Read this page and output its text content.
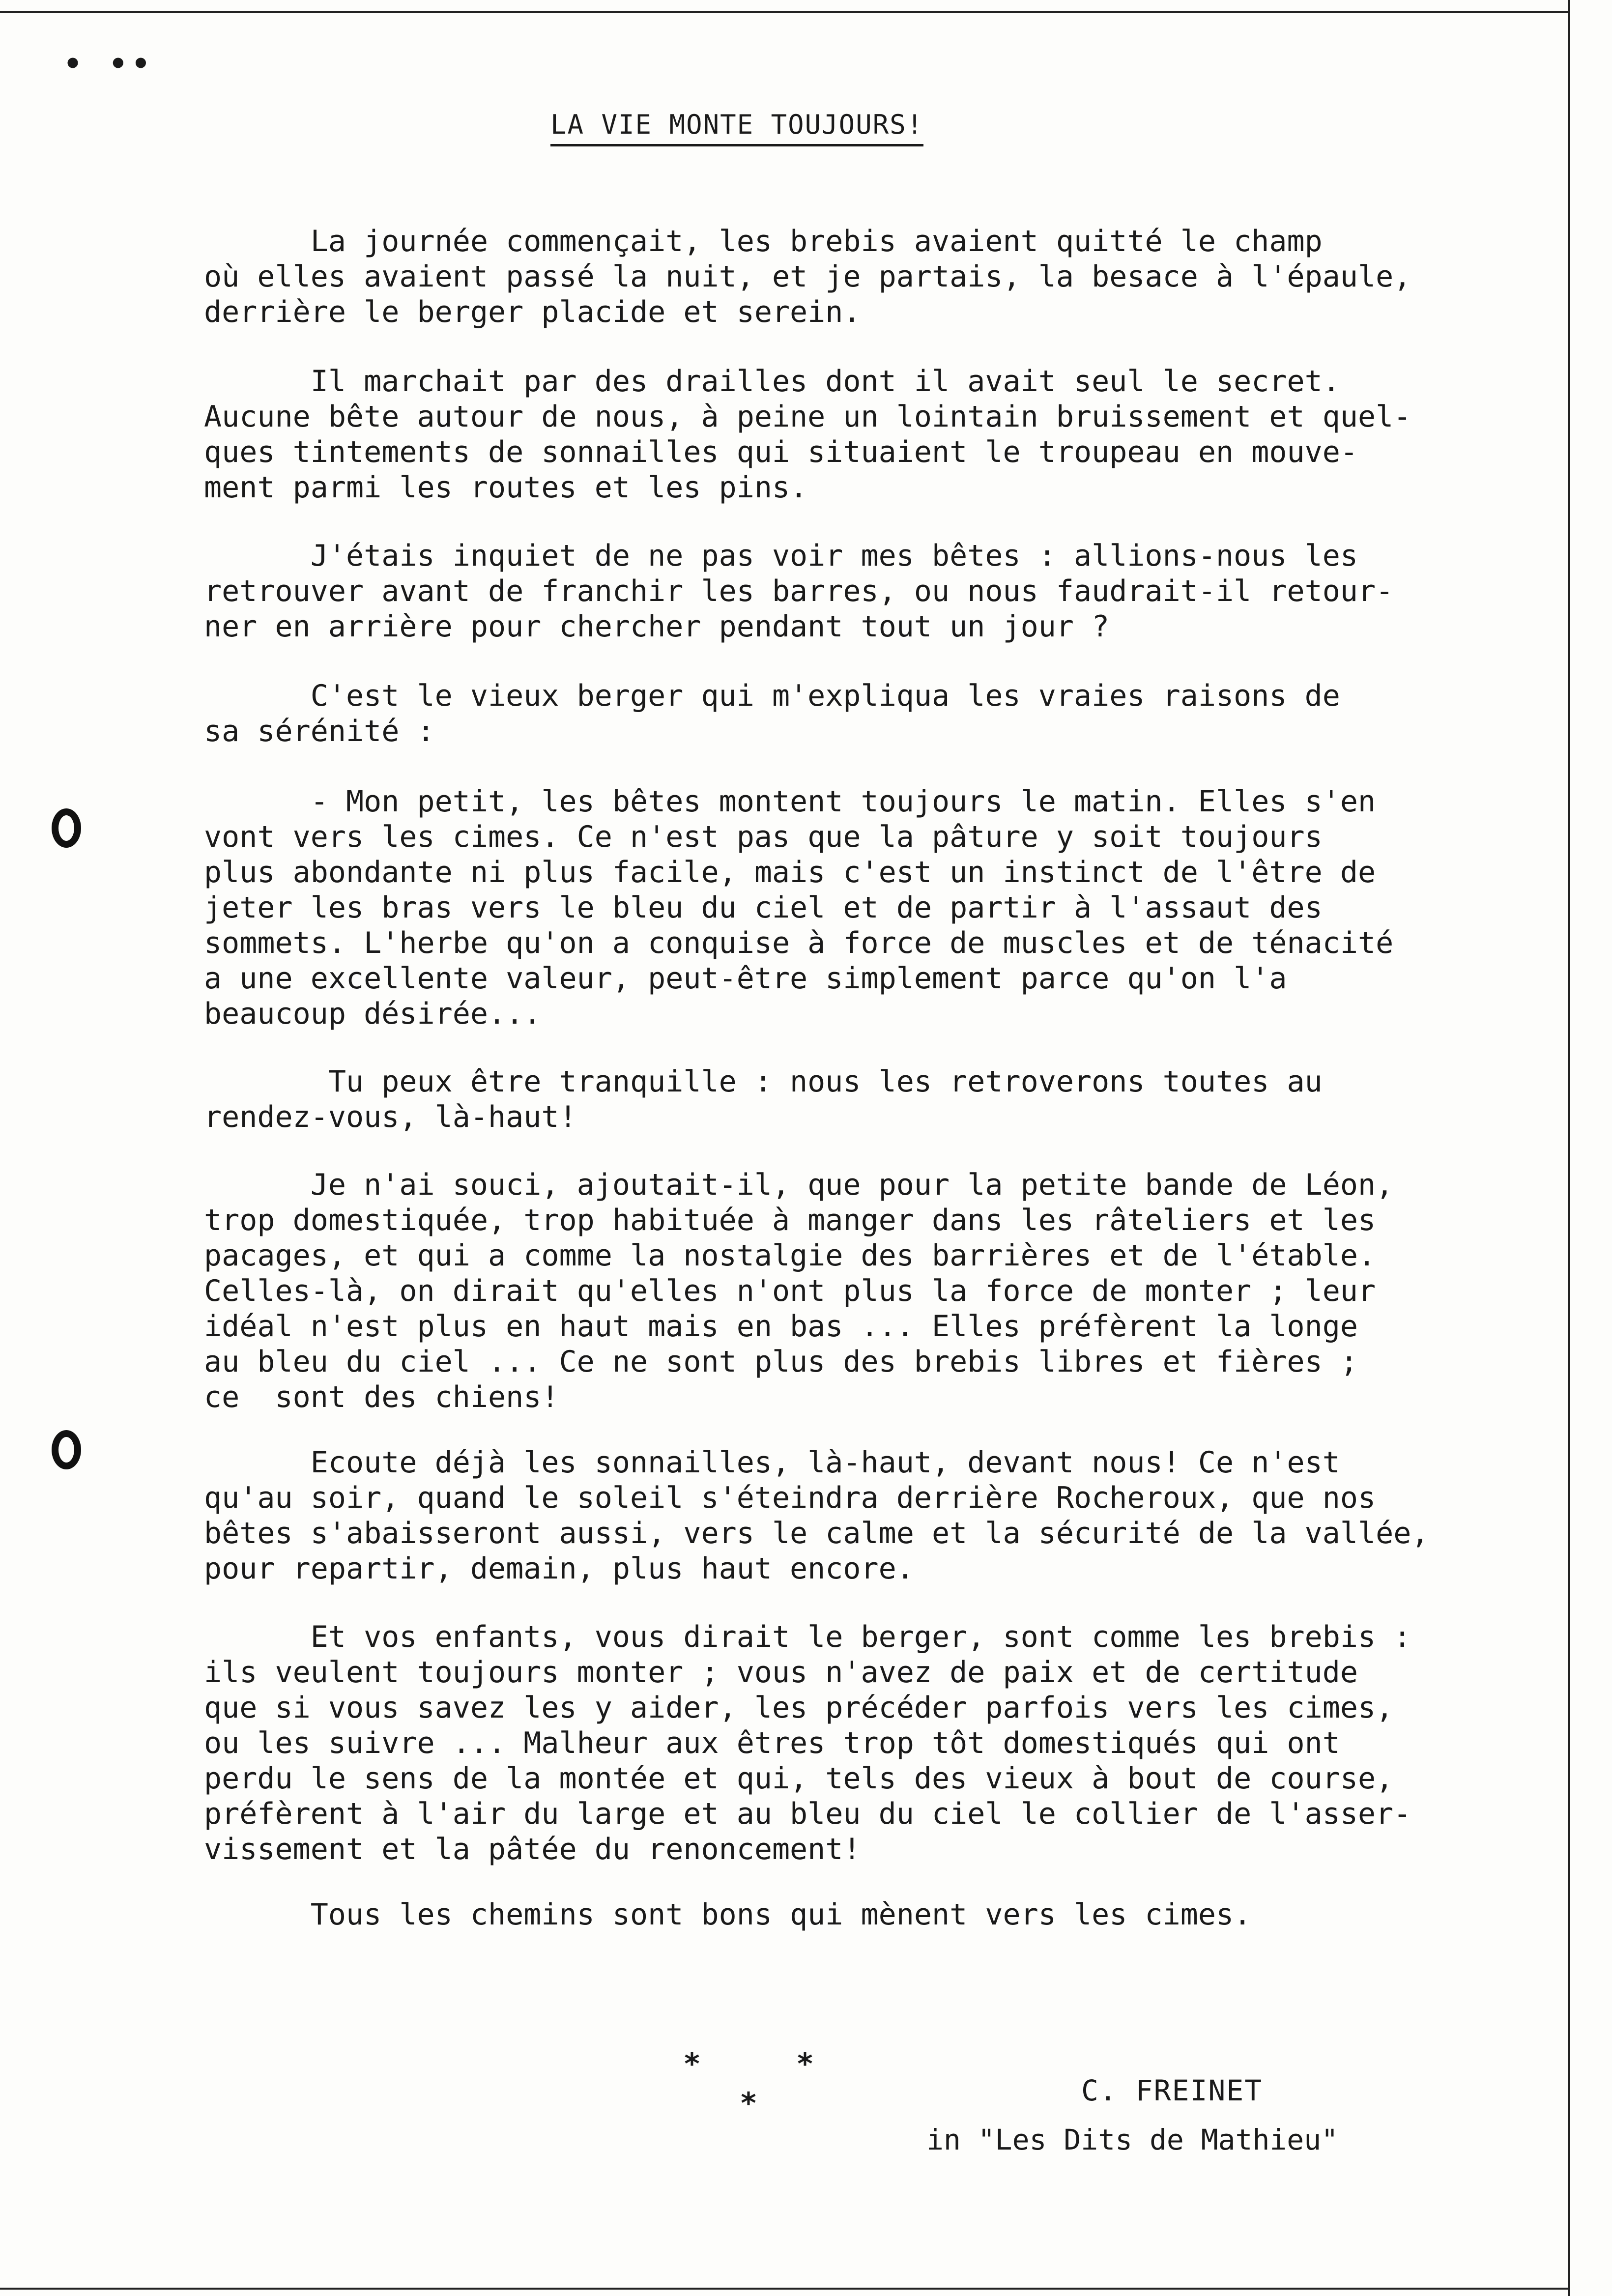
• ••
LA VIE MONTE TOUJOURS!

La journée commençait, les brebis avaient quitté le champ
où elles avaient passé la nuit, et je partais, la besace à l'épaule,
derrière le berger placide et serein.

Il marchait par des drailles dont il avait seul le secret.
Aucune bête autour de nous, à peine un lointain bruissement et quel-
ques tintements de sonnailles qui situaient le troupeau en mouve-
ment parmi les routes et les pins.

J'étais inquiet de ne pas voir mes bêtes : allions-nous les
retrouver avant de franchir les barres, ou nous faudrait-il retour-
ner en arrière pour chercher pendant tout un jour ?

C'est le vieux berger qui m'expliqua les vraies raisons de
sa sérénité :

- Mon petit, les bêtes montent toujours le matin. Elles s'en
vont vers les cimes. Ce n'est pas que la pâture y soit toujours
plus abondante ni plus facile, mais c'est un instinct de l'être de
jeter les bras vers le bleu du ciel et de partir à l'assaut des
sommets. L'herbe qu'on a conquise à force de muscles et de ténacité
a une excellente valeur, peut-être simplement parce qu'on l'a
beaucoup désirée...

Tu peux être tranquille : nous les retroverons toutes au
rendez-vous, là-haut!

Je n'ai souci, ajoutait-il, que pour la petite bande de Léon,
trop domestiquée, trop habituée à manger dans les râteliers et les
pacages, et qui a comme la nostalgie des barrières et de l'étable.
Celles-là, on dirait qu'elles n'ont plus la force de monter ; leur
idéal n'est plus en haut mais en bas ... Elles préfèrent la longe
au bleu du ciel ... Ce ne sont plus des brebis libres et fières ;
ce  sont des chiens!

Ecoute déjà les sonnailles, là-haut, devant nous! Ce n'est
qu'au soir, quand le soleil s'éteindra derrière Rocheroux, que nos
bêtes s'abaisseront aussi, vers le calme et la sécurité de la vallée,
pour repartir, demain, plus haut encore.

Et vos enfants, vous dirait le berger, sont comme les brebis :
ils veulent toujours monter ; vous n'avez de paix et de certitude
que si vous savez les y aider, les précéder parfois vers les cimes,
ou les suivre ... Malheur aux êtres trop tôt domestiqués qui ont
perdu le sens de la montée et qui, tels des vieux à bout de course,
préfèrent à l'air du large et au bleu du ciel le collier de l'asser-
vissement et la pâtée du renoncement!

Tous les chemins sont bons qui mènent vers les cimes.

*	*
*	C. FREINET
in "Les Dits de Mathieu"
